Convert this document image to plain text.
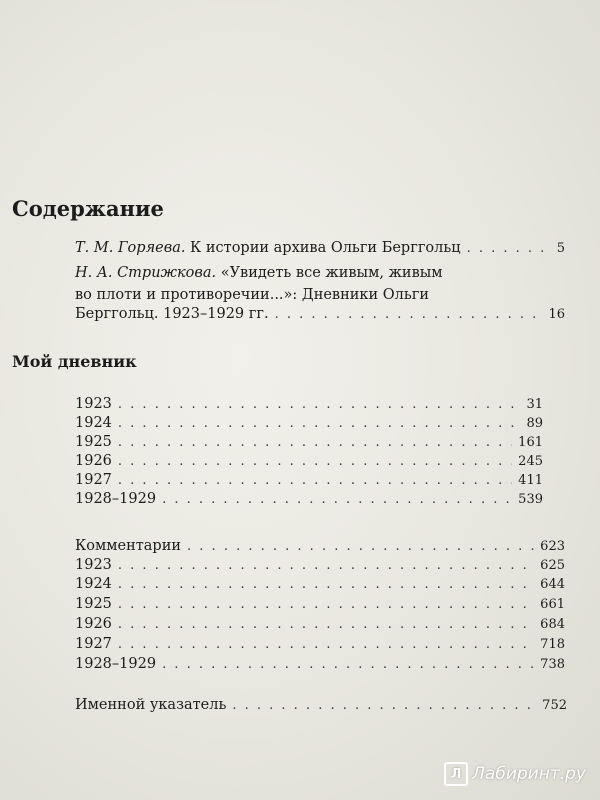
Содержание
Т. М. Горяева. К истории архива Ольги Берггольц . . .	5
Н. А. Стрижкова. «Увидеть все живым, живым
во плоти и противоречии...»: Дневники Ольги
Берггольц. 1923–1929 гг. . . .	16
Мой дневник
1923 . . .	31
1924 . . .	89
1925 . . .	161
1926 . . .	245
1927 . . .	411
1928–1929 . . .	539
Комментарии . . .	623
1923 . . .	625
1924 . . .	644
1925 . . .	661
1926 . . .	684
1927 . . .	718
1928–1929 . . .	738
Именной указатель . . .	752
Л Лабиринт.ру
